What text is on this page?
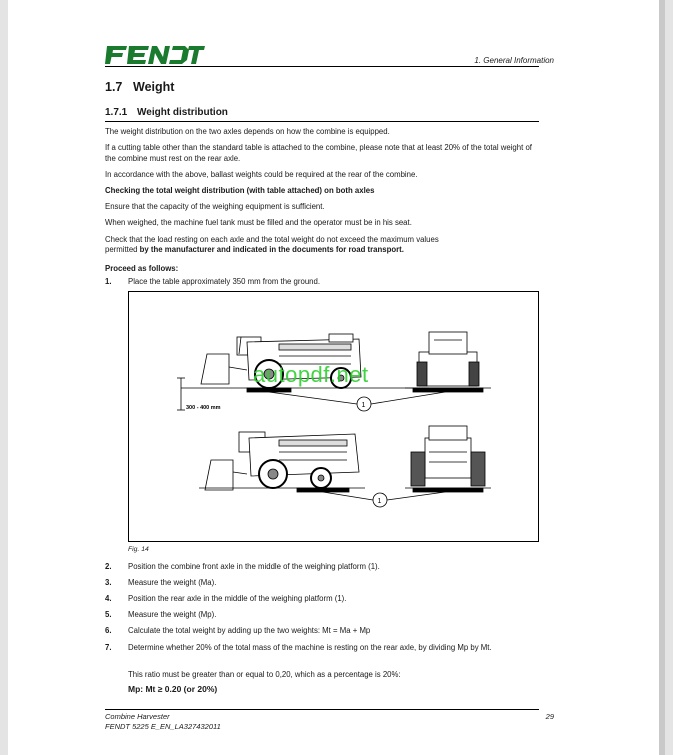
1. General Information
1.7 Weight
1.7.1 Weight distribution
The weight distribution on the two axles depends on how the combine is equipped.
If a cutting table other than the standard table is attached to the combine, please note that at least 20% of the total weight of the combine must rest on the rear axle.
In accordance with the above, ballast weights could be required at the rear of the combine.
Checking the total weight distribution (with table attached) on both axles
Ensure that the capacity of the weighing equipment is sufficient.
When weighed, the machine fuel tank must be filled and the operator must be in his seat.
Check that the load resting on each axle and the total weight do not exceed the maximum values
permitted by the manufacturer and indicated in the documents for road transport.
Proceed as follows:
1. Place the table approximately 350 mm from the ground.
300 - 400 mm	1
1
autopdf.net
Fig. 14
2. Position the combine front axle in the middle of the weighing platform (1).
3. Measure the weight (Ma).
4. Position the rear axle in the middle of the weighing platform (1).
5. Measure the weight (Mp).
6. Calculate the total weight by adding up the two weights: Mt = Ma + Mp
7. Determine whether 20% of the total mass of the machine is resting on the rear axle, by dividing Mp by Mt.
This ratio must be greater than or equal to 0,20, which as a percentage is 20%:
Mp: Mt ≥ 0.20 (or 20%)
Combine Harvester
FENDT 5225 E_EN_LA327432011
29
